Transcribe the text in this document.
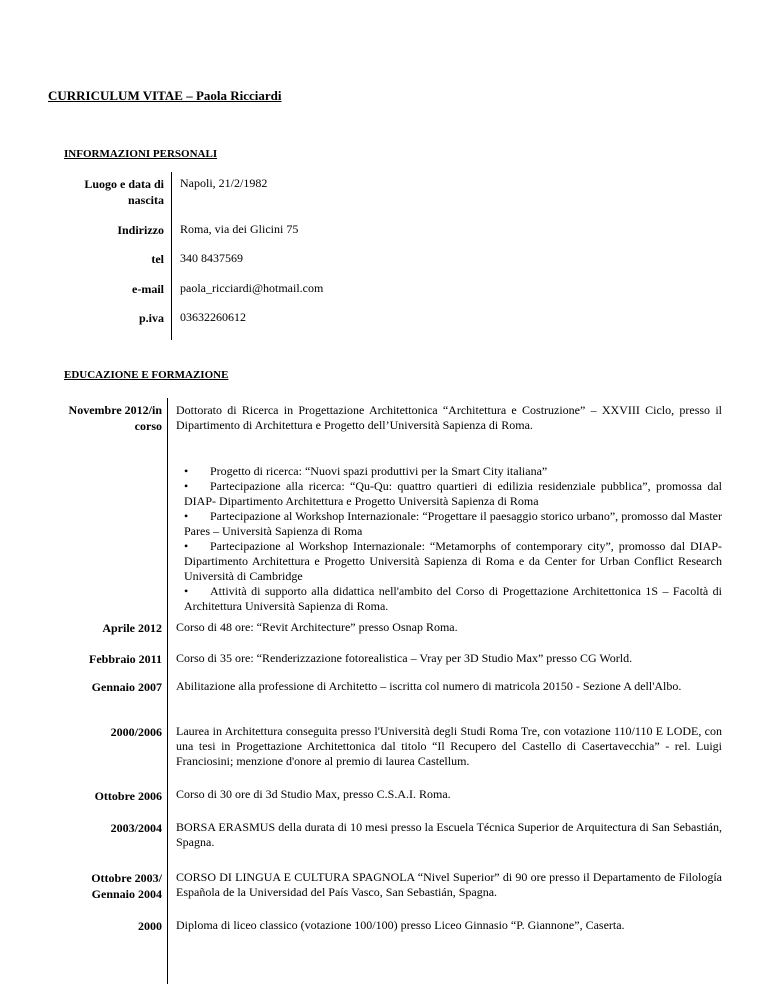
CURRICULUM VITAE – Paola Ricciardi
INFORMAZIONI PERSONALI
Luogo e data di nascita
Napoli, 21/2/1982
Indirizzo Roma, via dei Glicini 75
tel 340 8437569
e-mail paola_ricciardi@hotmail.com
p.iva 03632260612
EDUCAZIONE E FORMAZIONE
Novembre 2012/in corso
Dottorato di Ricerca in Progettazione Architettonica “Architettura e Costruzione” – XXVIII Ciclo, presso il Dipartimento di Architettura e Progetto dell’Università Sapienza di Roma.
• Progetto di ricerca: “Nuovi spazi produttivi per la Smart City italiana”
• Partecipazione alla ricerca: “Qu-Qu: quattro quartieri di edilizia residenziale pubblica”, promossa dal DIAP- Dipartimento Architettura e Progetto Università Sapienza di Roma
• Partecipazione al Workshop Internazionale: “Progettare il paesaggio storico urbano”, promosso dal Master Pares – Università Sapienza di Roma
• Partecipazione al Workshop Internazionale: “Metamorphs of contemporary city”, promosso dal DIAP- Dipartimento Architettura e Progetto Università Sapienza di Roma e da Center for Urban Conflict Research Università di Cambridge
• Attività di supporto alla didattica nell'ambito del Corso di Progettazione Architettonica 1S – Facoltà di Architettura Università Sapienza di Roma.
Aprile 2012 Corso di 48 ore: “Revit Architecture” presso Osnap Roma.
Febbraio 2011 Corso di 35 ore: “Renderizzazione fotorealistica – Vray per 3D Studio Max” presso CG World.
Gennaio 2007 Abilitazione alla professione di Architetto – iscritta col numero di matricola 20150 - Sezione A dell'Albo.
2000/2006 Laurea in Architettura conseguita presso l'Università degli Studi Roma Tre, con votazione 110/110 E LODE, con una tesi in Progettazione Architettonica dal titolo “Il Recupero del Castello di Casertavecchia” - rel. Luigi Franciosini; menzione d'onore al premio di laurea Castellum.
Ottobre 2006 Corso di 30 ore di 3d Studio Max, presso C.S.A.I. Roma.
2003/2004 BORSA ERASMUS della durata di 10 mesi presso la Escuela Técnica Superior de Arquitectura di San Sebastián, Spagna.
Ottobre 2003/ Gennaio 2004
CORSO DI LINGUA E CULTURA SPAGNOLA “Nivel Superior” di 90 ore presso il Departamento de Filología Española de la Universidad del País Vasco, San Sebastián, Spagna.
2000 Diploma di liceo classico (votazione 100/100) presso Liceo Ginnasio “P. Giannone”, Caserta.
